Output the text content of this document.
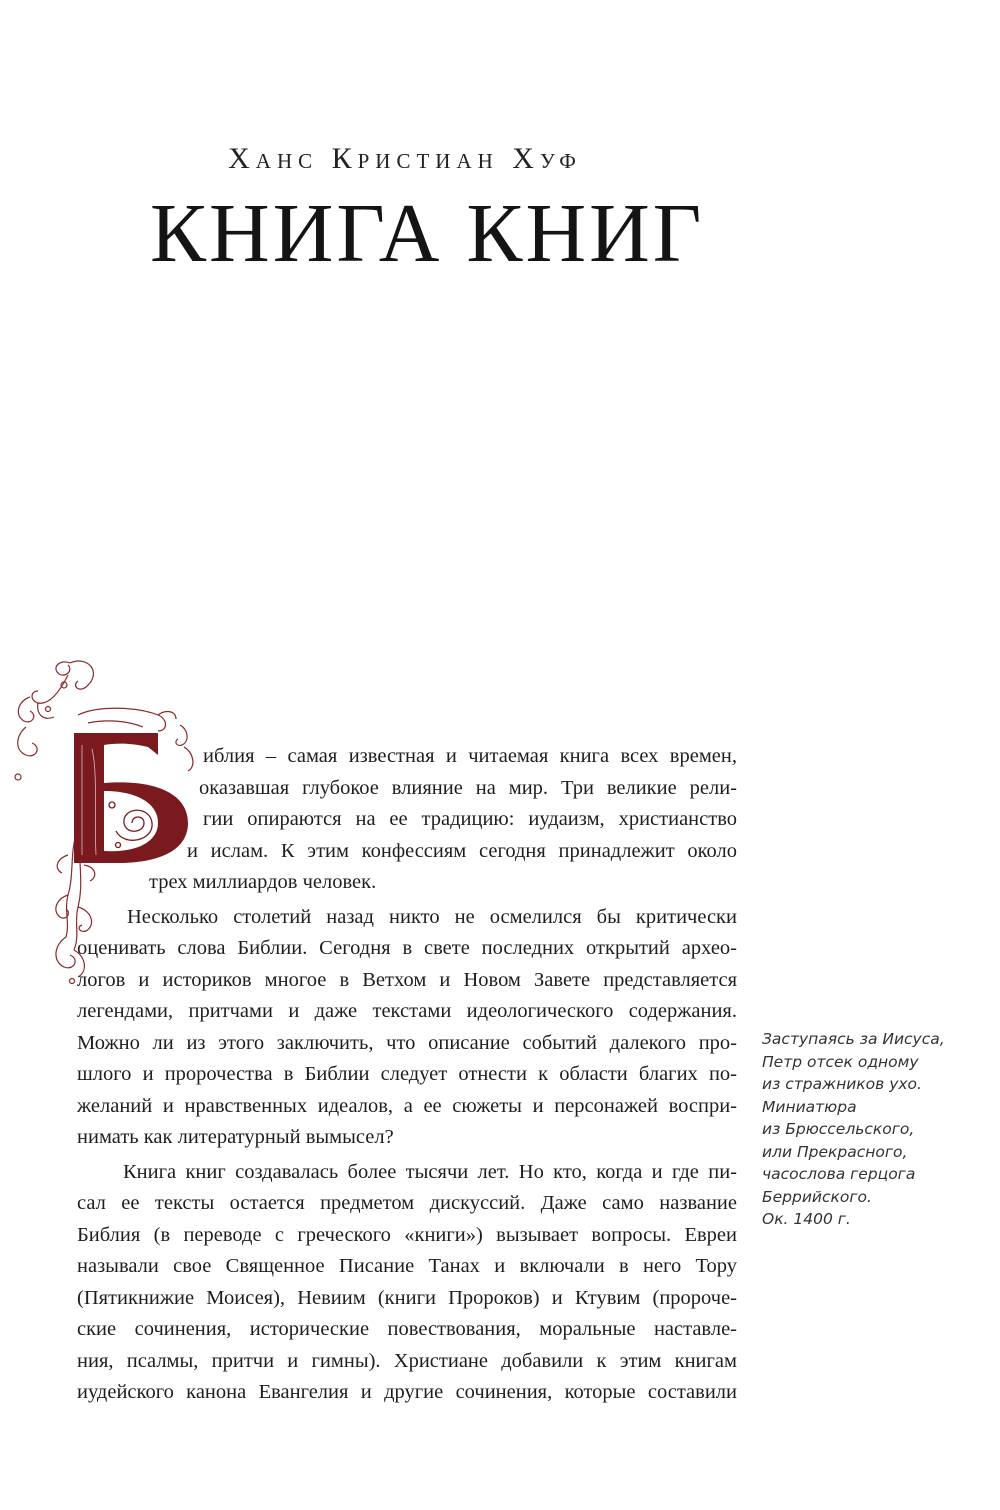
Ханс Кристиан Хуф
КНИГА КНИГ
иблия – самая известная и читаемая книга всех времен,
оказавшая глубокое влияние на мир. Три великие рели-
гии опираются на ее традицию: иудаизм, христианство
и ислам. К этим конфессиям сегодня принадлежит около
трех миллиардов человек.
Несколько столетий назад никто не осмелился бы критически
оценивать слова Библии. Сегодня в свете последних открытий архео-
логов и историков многое в Ветхом и Новом Завете представляется
легендами, притчами и даже текстами идеологического содержания.
Можно ли из этого заключить, что описание событий далекого про-
шлого и пророчества в Библии следует отнести к области благих по-
желаний и нравственных идеалов, а ее сюжеты и персонажей воспри-
нимать как литературный вымысел?
Книга книг создавалась более тысячи лет. Но кто, когда и где пи-
сал ее тексты остается предметом дискуссий. Даже само название
Библия (в переводе с греческого «книги») вызывает вопросы. Евреи
называли свое Священное Писание Танах и включали в него Тору
(Пятикнижие Моисея), Невиим (книги Пророков) и Ктувим (пророче-
ские сочинения, исторические повествования, моральные наставле-
ния, псалмы, притчи и гимны). Христиане добавили к этим книгам
иудейского канона Евангелия и другие сочинения, которые составили
Заступаясь за Иисуса,
Петр отсек одному
из стражников ухо.
Миниатюра
из Брюссельского,
или Прекрасного,
часослова герцога
Беррийского.
Ок. 1400 г.
